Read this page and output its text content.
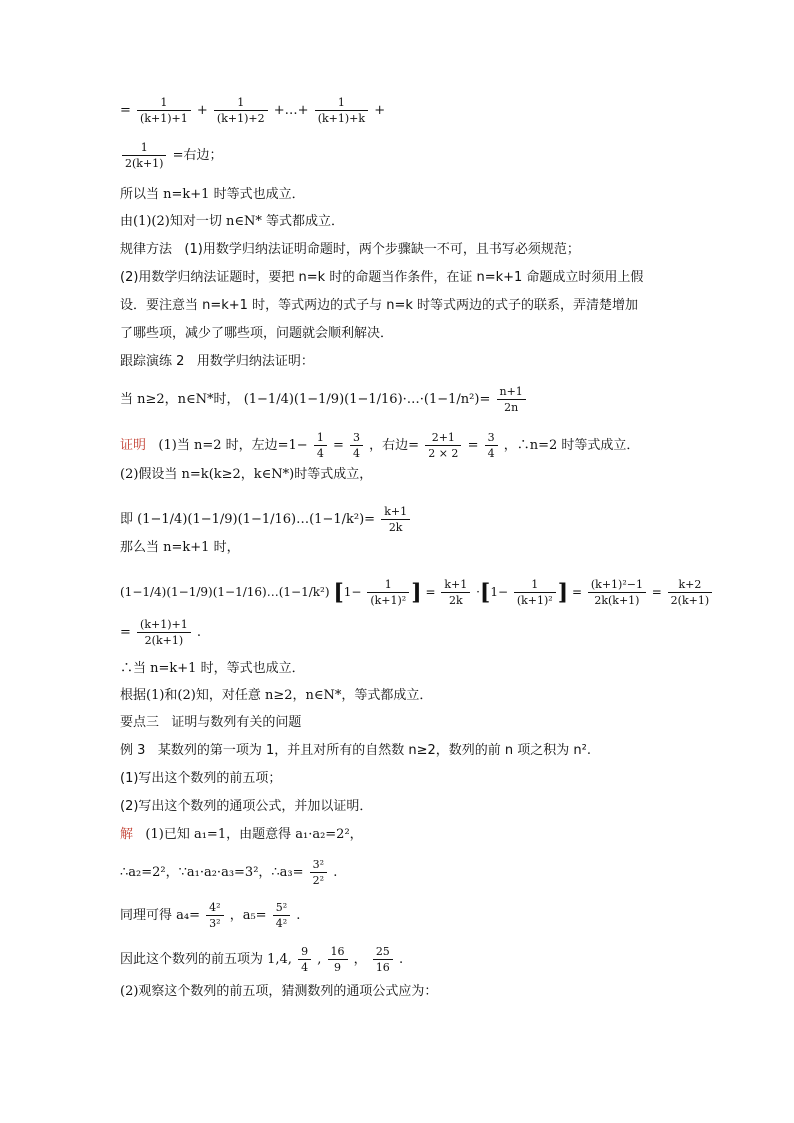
= $\frac{1}{(k+1)+1} + \frac{1}{(k+1)+2}$ +…+ $\frac{1}{(k+1)+k}$ +
$\frac{1}{2(k+1)}$ =右边；
所以当 n=k+1 时等式也成立．
由(1)(2)知对一切 n∈N* 等式都成立．
规律方法 (1)用数学归纳法证明命题时，两个步骤缺一不可，且书写必须规范；
(2)用数学归纳法证题时，要把 n=k 时的命题当作条件，在证 n=k+1 命题成立时须用上假
设．要注意当 n=k+1 时，等式两边的式子与 n=k 时等式两边的式子的联系，弄清楚增加
了哪些项，减少了哪些项，问题就会顺利解决．
跟踪演练 2 用数学归纳法证明：
当 n≥2，n∈N*时， (1−1/4)(1−1/9)(1−1/16)·…·(1−1/n²)= $\frac{n+1}{2n}$
证明 (1)当 n=2 时，左边$=1- \frac{1}{4} = \frac{3}{4}$ ，右边= $\frac{2+1}{2 \times 2} = \frac{3}{4}$ ，∴n=2 时等式成立．
(2)假设当 n=k(k≥2，k∈N*)时等式成立，
即 (1−1/4)(1−1/9)(1−1/16)…(1−1/k²)= $\frac{k+1}{2k}$
那么当 n=k+1 时，
(1−1/4)(1−1/9)(1−1/16)…(1−1/k²) [$1- \frac{1}{\text{(k+1)²}}$ ] = $\frac{k+1}{2k} \cdot[1- \frac{1}{\text{(k+1)²}}$ ] = $\frac{\text{(k+1)²−1}}{2k(k+1)} = \frac{k+2}{2(k+1)}$
= $\frac{(k+1)+1}{2(k+1)}$ .
∴当 n=k+1 时，等式也成立．
根据(1)和(2)知，对任意 n≥2，n∈N*，等式都成立．
要点三 证明与数列有关的问题
例 3 某数列的第一项为 1，并且对所有的自然数 n≥2，数列的前 n 项之积为 n².
(1)写出这个数列的前五项；
(2)写出这个数列的通项公式，并加以证明．
解 (1)已知 a₁=1，由题意得 a₁·a₂=2²，
∴a₂=2²，∵a₁·a₂·a₃=3²，∴a₃= $\frac{\text{3²}}{\text{2²}}$ .
同理可得 $a_4= \frac{\text{4²}}{\text{3²}}$ ，$a_5= \frac{\text{5²}}{\text{4²}}$ .
因此这个数列的前五项为 1,4, $\frac{9}{4}$ , $\frac{16}{9}$ ， $\frac{25}{16}$ .
(2)观察这个数列的前五项，猜测数列的通项公式应为：
